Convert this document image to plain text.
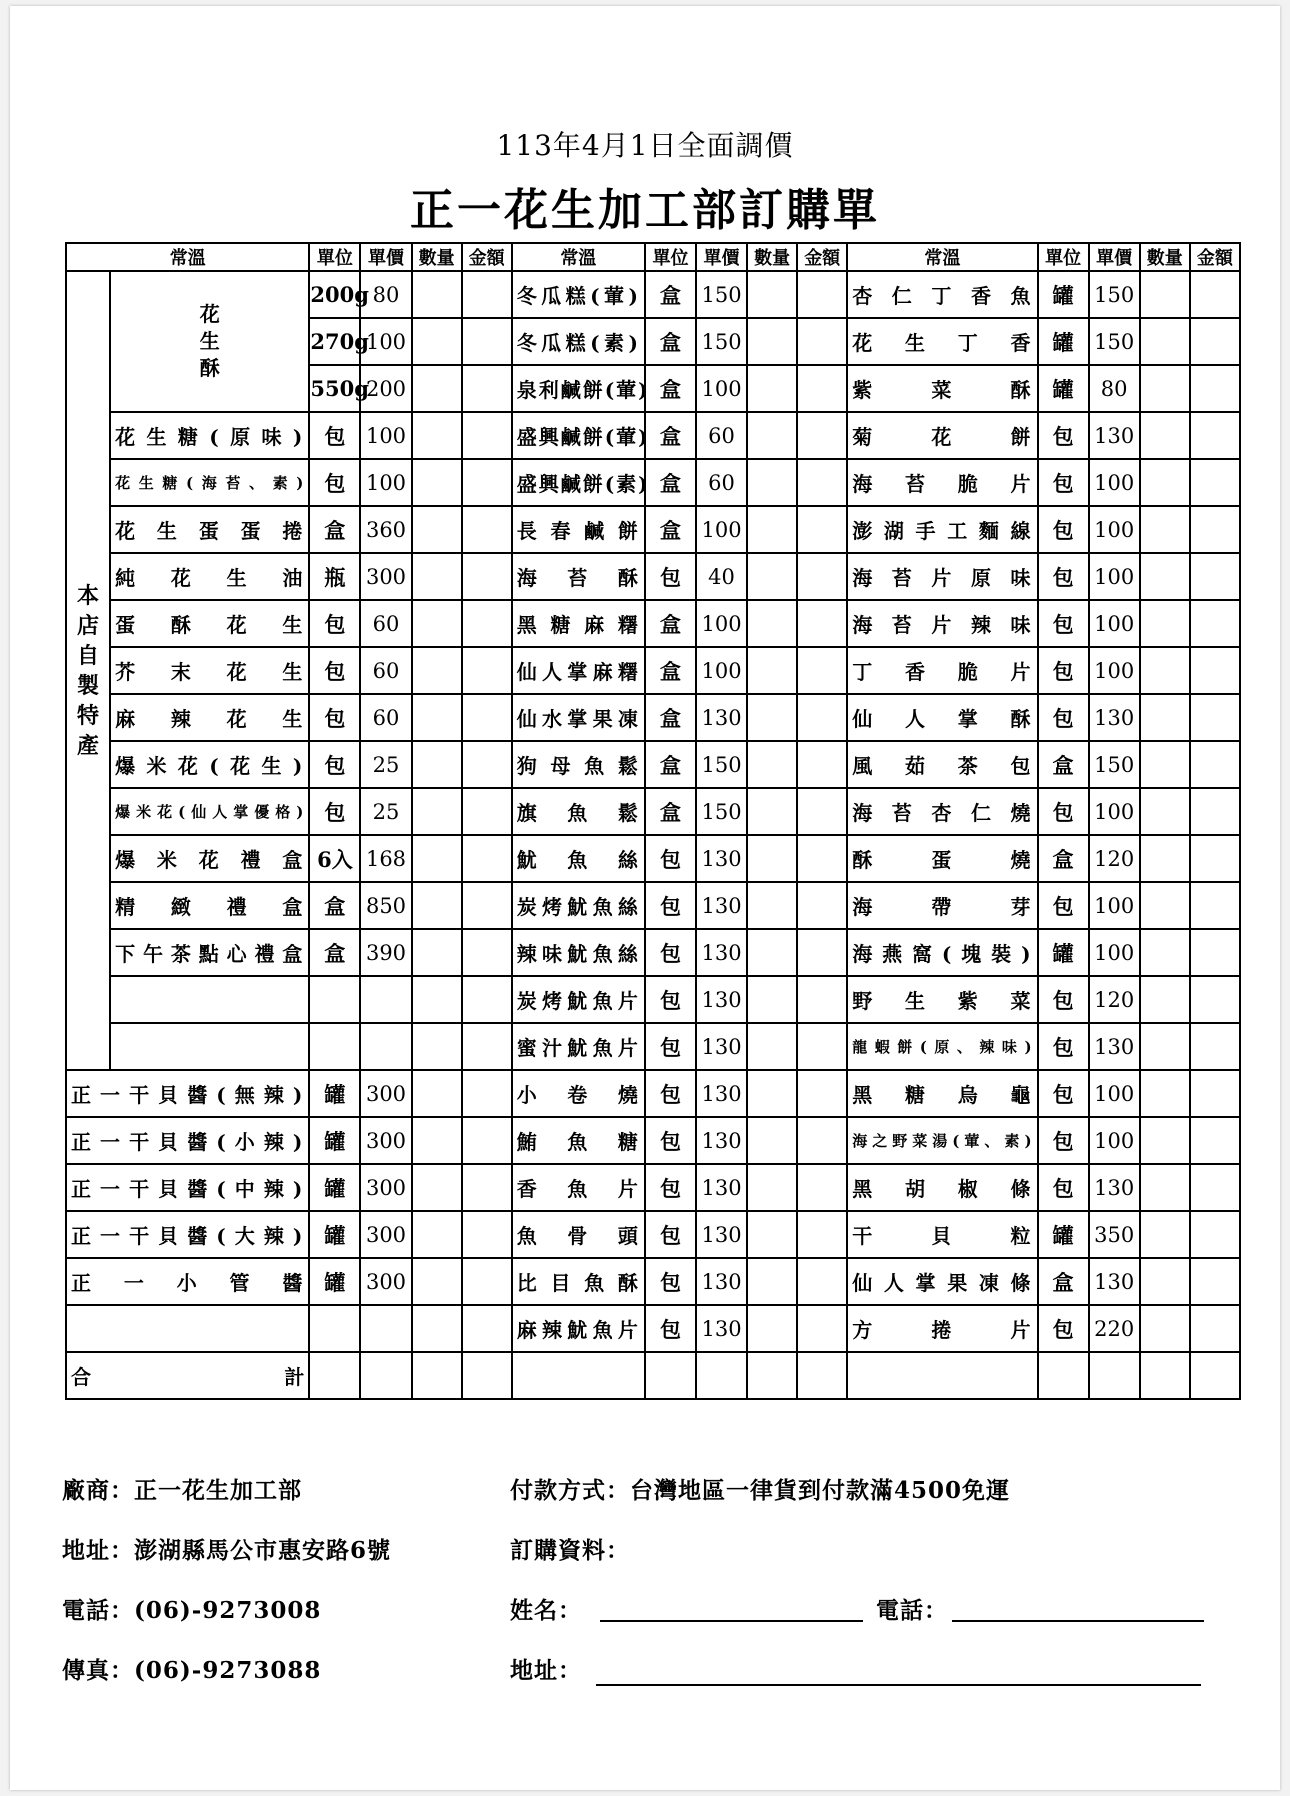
113年4月1日全面調價
正一花生加工部訂購單
常溫		單位	單價	數量	金額	常溫	單位	單價	數量	金額	常溫	單位	單價	數量	金額
本店自製特產	花生酥	200g	80			冬瓜糕(葷)	盒	150			杏仁丁香魚	罐	150		
		270g	100			冬瓜糕(素)	盒	150			花生丁香	罐	150		
		550g	200			泉利鹹餅(葷)	盒	100			紫菜酥	罐	80		
	花生糖(原味)	包	100			盛興鹹餅(葷)	盒	60			菊花餅	包	130		
	花生糖(海苔、素)	包	100			盛興鹹餅(素)	盒	60			海苔脆片	包	100		
	花生蛋蛋捲	盒	360			長春鹹餅	盒	100			澎湖手工麵線	包	100		
	純花生油	瓶	300			海苔酥	包	40			海苔片原味	包	100		
	蛋酥花生	包	60			黑糖麻糬	盒	100			海苔片辣味	包	100		
	芥末花生	包	60			仙人掌麻糬	盒	100			丁香脆片	包	100		
	麻辣花生	包	60			仙水掌果凍	盒	130			仙人掌酥	包	130		
	爆米花(花生)	包	25			狗母魚鬆	盒	150			風茹茶包	盒	150		
	爆米花(仙人掌優格)	包	25			旗魚鬆	盒	150			海苔杏仁燒	包	100		
	爆米花禮盒	6入	168			魷魚絲	包	130			酥蛋燒	盒	120		
	精緻禮盒	盒	850			炭烤魷魚絲	包	130			海帶芽	包	100		
	下午茶點心禮盒	盒	390			辣味魷魚絲	包	130			海燕窩(塊裝)	罐	100		
						炭烤魷魚片	包	130			野生紫菜	包	120		
						蜜汁魷魚片	包	130			龍蝦餅(原、辣味)	包	130		
正一干貝醬(無辣)		罐	300			小卷燒	包	130			黑糖烏龜	包	100		
正一干貝醬(小辣)		罐	300			鮪魚糖	包	130			海之野菜湯(葷、素)	包	100		
正一干貝醬(中辣)		罐	300			香魚片	包	130			黑胡椒條	包	130		
正一干貝醬(大辣)		罐	300			魚骨頭	包	130			干貝粒	罐	350		
正一小管醬		罐	300			比目魚酥	包	130			仙人掌果凍條	盒	130		
						麻辣魷魚片	包	130			方捲片	包	220		
合 計															

廠商：正一花生加工部
地址：澎湖縣馬公市惠安路6號
電話：(06)-9273008
傳真：(06)-9273088
付款方式：台灣地區一律貨到付款滿4500免運
訂購資料：
姓名：	電話：
地址：
